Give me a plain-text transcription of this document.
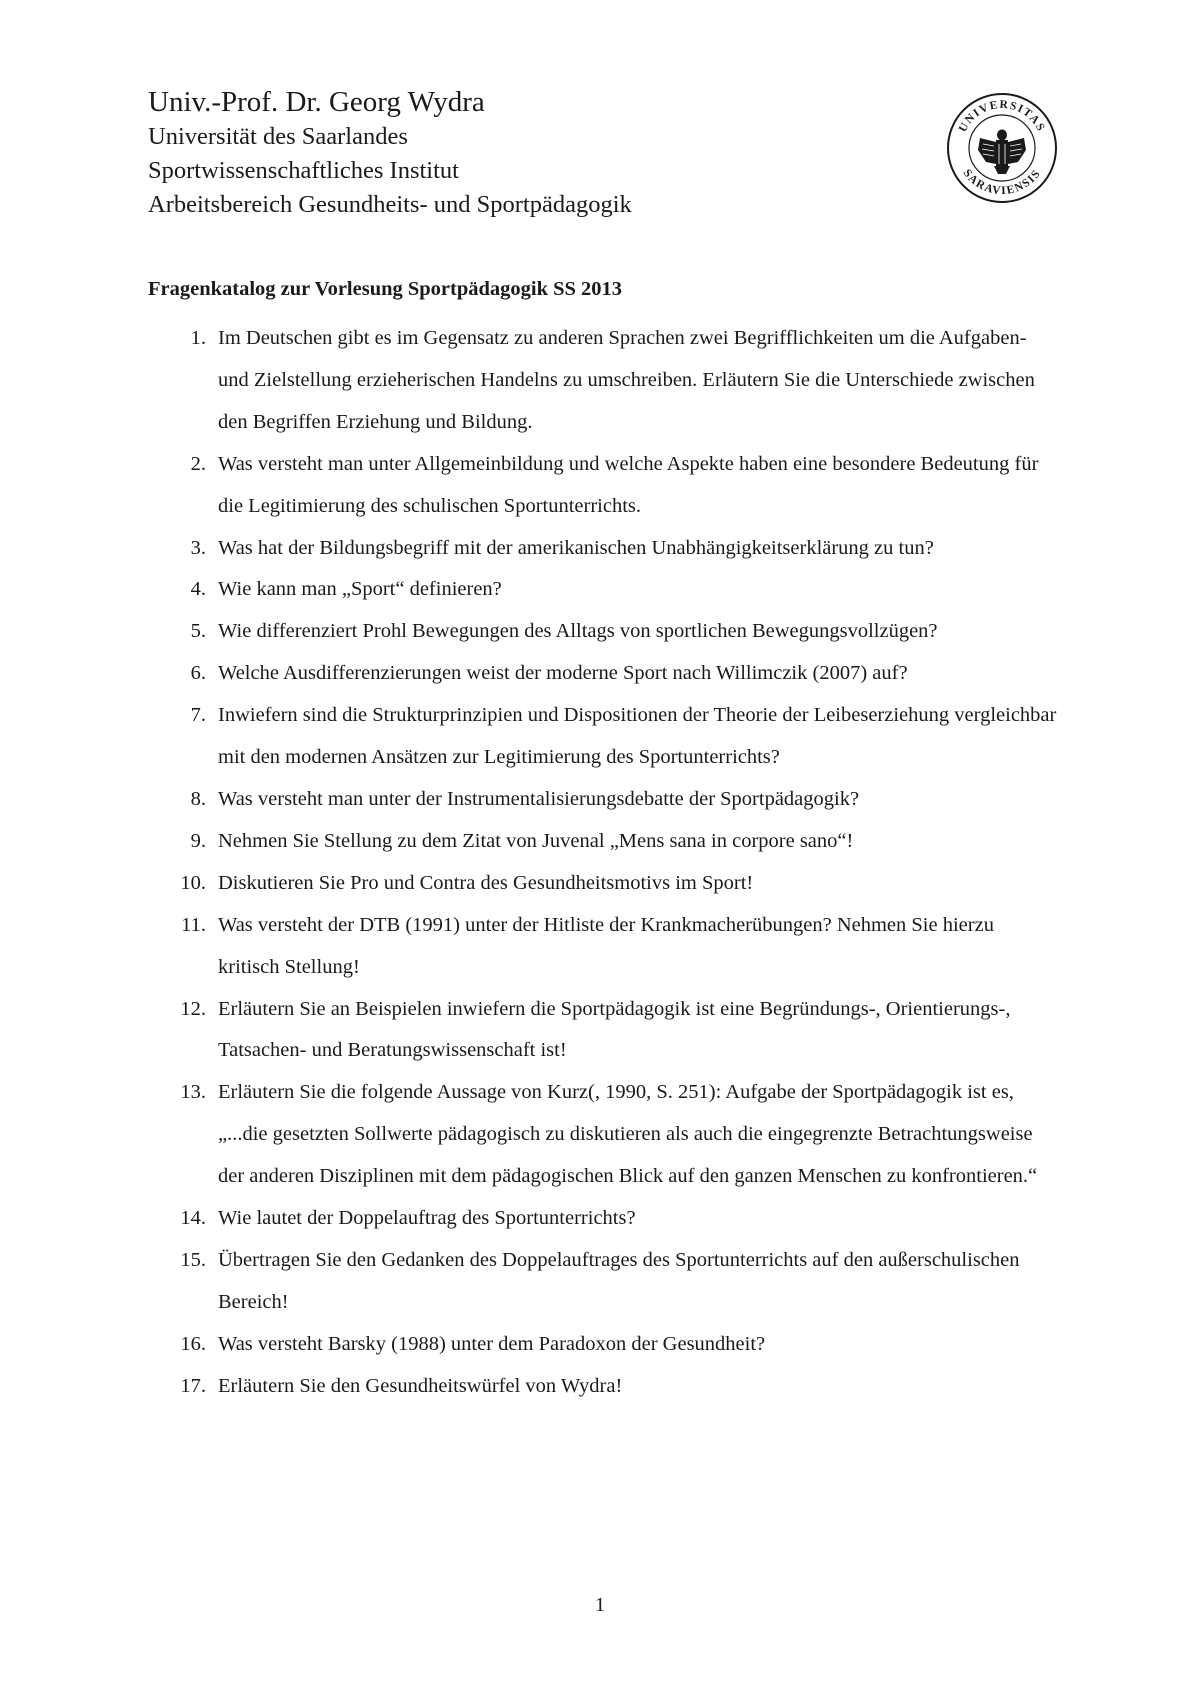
Univ.-Prof. Dr. Georg Wydra

Universität des Saarlandes

Sportwissenschaftliches Institut

Arbeitsbereich Gesundheits- und Sportpädagogik

UNIVERSITAS
SARAVIENSIS

Fragenkatalog zur Vorlesung Sportpädagogik SS 2013

1. Im Deutschen gibt es im Gegensatz zu anderen Sprachen zwei Begrifflichkeiten um die Aufgaben- und Zielstellung erzieherischen Handelns zu umschreiben. Erläutern Sie die Unterschiede zwischen den Begriffen Erziehung und Bildung.
2. Was versteht man unter Allgemeinbildung und welche Aspekte haben eine besondere Bedeutung für die Legitimierung des schulischen Sportunterrichts.
3. Was hat der Bildungsbegriff mit der amerikanischen Unabhängigkeitserklärung zu tun?
4. Wie kann man „Sport“ definieren?
5. Wie differenziert Prohl Bewegungen des Alltags von sportlichen Bewegungsvollzügen?
6. Welche Ausdifferenzierungen weist der moderne Sport nach Willimczik (2007) auf?
7. Inwiefern sind die Strukturprinzipien und Dispositionen der Theorie der Leibeserziehung vergleichbar mit den modernen Ansätzen zur Legitimierung des Sportunterrichts?
8. Was versteht man unter der Instrumentalisierungsdebatte der Sportpädagogik?
9. Nehmen Sie Stellung zu dem Zitat von Juvenal „Mens sana in corpore sano“!
10. Diskutieren Sie Pro und Contra des Gesundheitsmotivs im Sport!
11. Was versteht der DTB (1991) unter der Hitliste der Krankmacherübungen? Nehmen Sie hierzu kritisch Stellung!
12. Erläutern Sie an Beispielen inwiefern die Sportpädagogik ist eine Begründungs-, Orientierungs-, Tatsachen- und Beratungswissenschaft ist!
13. Erläutern Sie die folgende Aussage von Kurz(, 1990, S. 251): Aufgabe der Sportpädagogik ist es, „...die gesetzten Sollwerte pädagogisch zu diskutieren als auch die eingegrenzte Betrachtungsweise der anderen Disziplinen mit dem pädagogischen Blick auf den ganzen Menschen zu konfrontieren.“
14. Wie lautet der Doppelauftrag des Sportunterrichts?
15. Übertragen Sie den Gedanken des Doppelauftrages des Sportunterrichts auf den außerschulischen Bereich!
16. Was versteht Barsky (1988) unter dem Paradoxon der Gesundheit?
17. Erläutern Sie den Gesundheitswürfel von Wydra!
1
